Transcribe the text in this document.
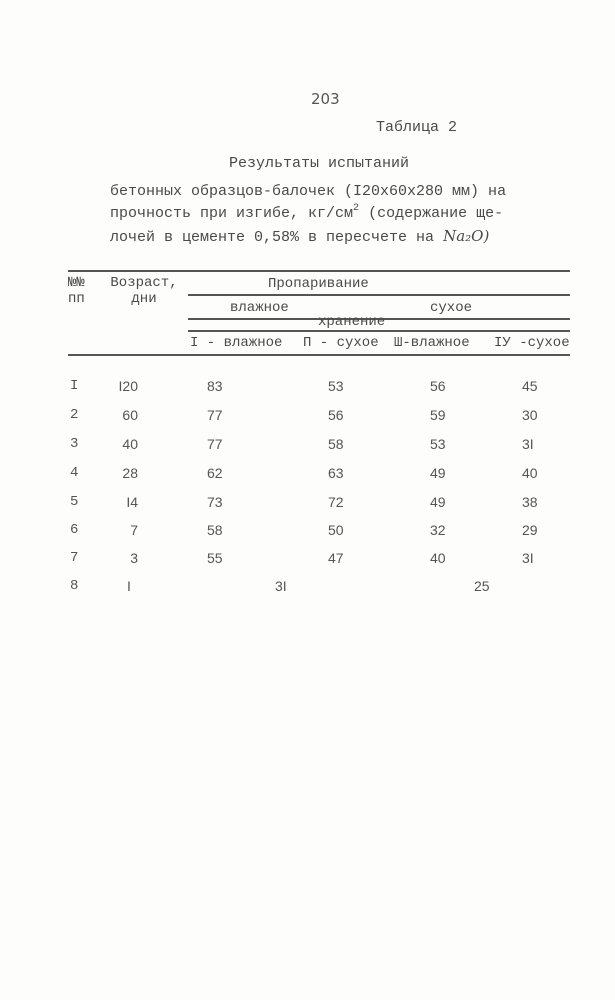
203
Таблица 2
Результаты испытаний
бетонных образцов-балочек (I20x60x280 мм) на
прочность при изгибе, $кг/см^2$ (содержание ще-
лочей в цементе 0,58% в пересчете на Na₂O)
№№
пп
Возраст,
дни
Пропаривание
влажное	сухое
хранение
I - влажное П - сухое Ш-влажное IУ -сухое
I	I20	83	53	56	45
2	60	77	56	59	30
3	40	77	58	53	3I
4	28	62	63	49	40
5	I4	73	72	49	38
6	7	58	50	32	29
7	3	55	47	40	3I
8	I	3I	25
